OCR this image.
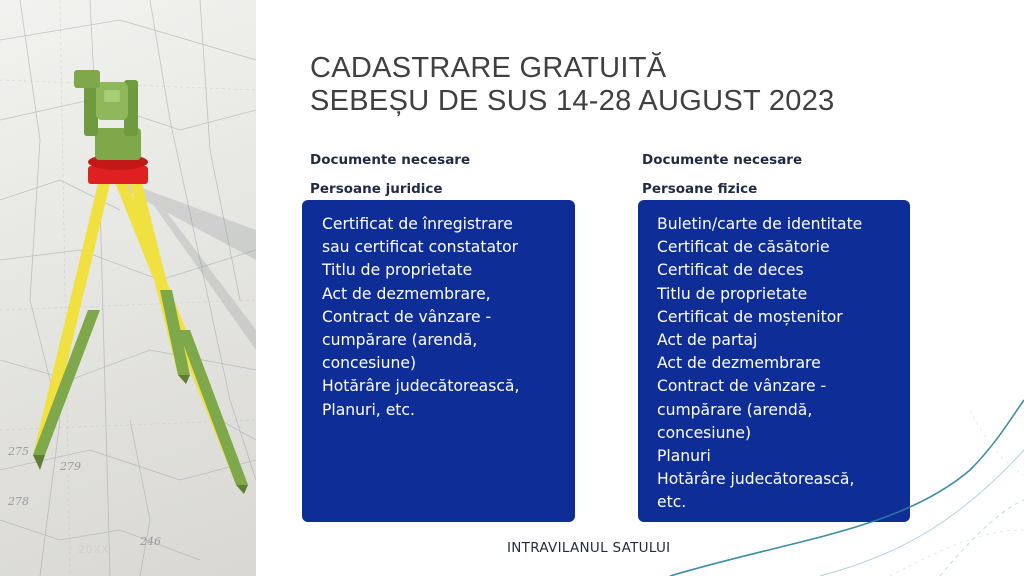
279
278
275
246
20XX
CADASTRARE GRATUITĂ
SEBEȘU DE SUS 14-28 AUGUST 2023
Documente necesare
Persoane juridice
Documente necesare
Persoane fizice
Certificat de înregistrare
sau certificat constatator
Titlu de proprietate
Act de dezmembrare,
Contract de vânzare -
cumpărare (arendă,
concesiune)
Hotărâre judecătorească,
Planuri, etc.
Buletin/carte de identitate
Certificat de căsătorie
Certificat de deces
Titlu de proprietate
Certificat de moștenitor
Act de partaj
Act de dezmembrare
Contract de vânzare -
cumpărare (arendă,
concesiune)
Planuri
Hotărâre judecătorească,
etc.
INTRAVILANUL SATULUI
